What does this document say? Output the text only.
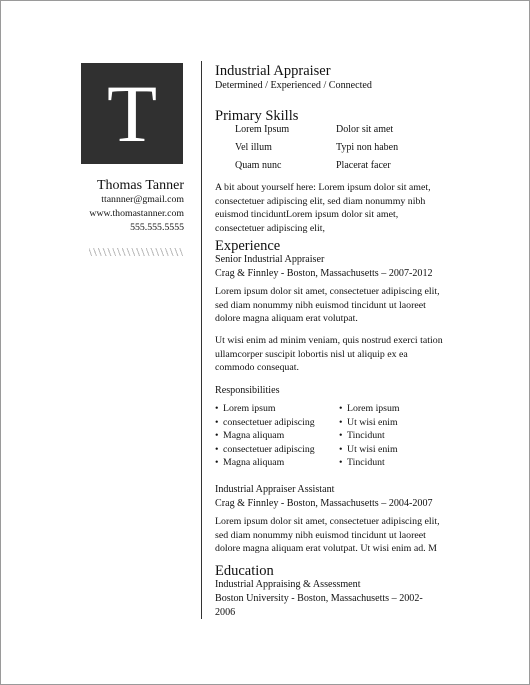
T
Thomas Tanner
ttannner@gmail.com
www.thomastanner.com
555.555.5555
Industrial Appraiser
Determined / Experienced / Connected
Primary Skills
Lorem Ipsum
Vel illum
Quam nunc
Dolor sit amet
Typi non haben
Placerat facer
A bit about yourself here: Lorem ipsum dolor sit amet,
consectetuer adipiscing elit, sed diam nonummy nibh
euismod tinciduntLorem ipsum dolor sit amet,
consectetuer adipiscing elit,
Experience
Senior Industrial Appraiser
Crag & Finnley - Boston, Massachusetts – 2007-2012
Lorem ipsum dolor sit amet, consectetuer adipiscing elit,
sed diam nonummy nibh euismod tincidunt ut laoreet
dolore magna aliquam erat volutpat.
Ut wisi enim ad minim veniam, quis nostrud exerci tation
ullamcorper suscipit lobortis nisl ut aliquip ex ea
commodo consequat.
Responsibilities
• Lorem ipsum
• consectetuer adipiscing
• Magna aliquam
• consectetuer adipiscing
• Magna aliquam
• Lorem ipsum
• Ut wisi enim
• Tincidunt
• Ut wisi enim
• Tincidunt
Industrial Appraiser Assistant
Crag & Finnley - Boston, Massachusetts – 2004-2007
Lorem ipsum dolor sit amet, consectetuer adipiscing elit,
sed diam nonummy nibh euismod tincidunt ut laoreet
dolore magna aliquam erat volutpat. Ut wisi enim ad. M
Education
Industrial Appraising & Assessment
Boston University - Boston, Massachusetts – 2002-
2006
